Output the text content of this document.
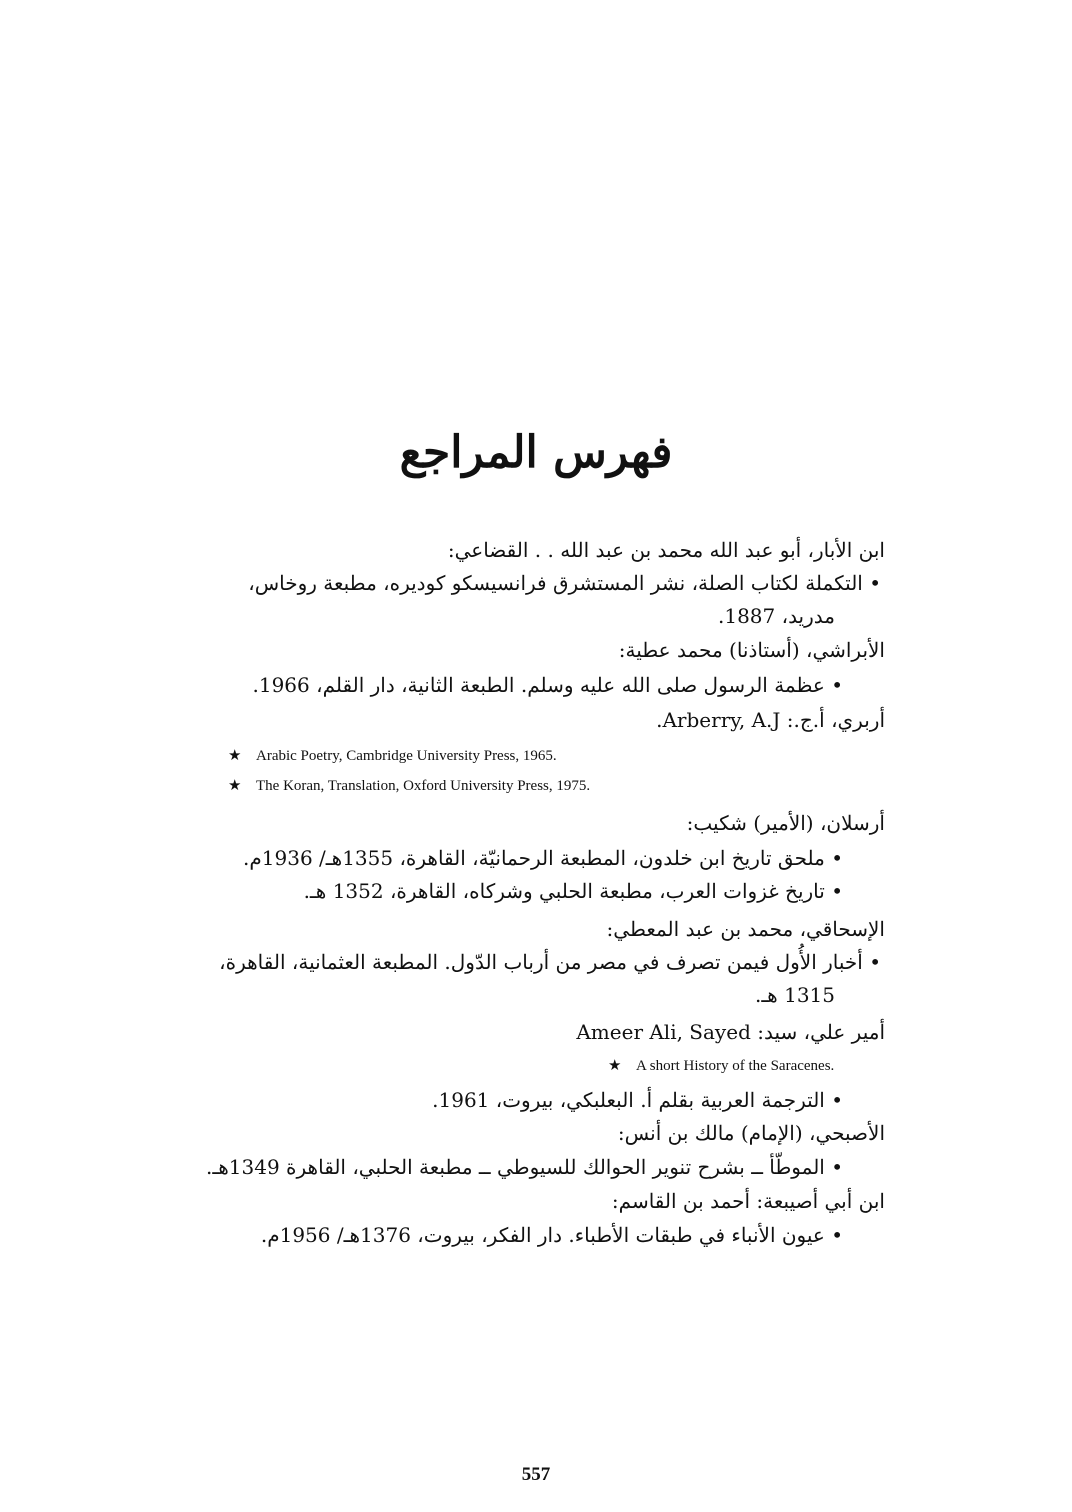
فهرس المراجع
ابن الأبار، أبو عبد الله محمد بن عبد الله . . القضاعي:
• التكملة لكتاب الصلة، نشر المستشرق فرانسيسكو كوديرە، مطبعة روخاس،
مدريد، 1887.
الأبراشي، (أستاذنا) محمد عطية:
• عظمة الرسول صلى الله عليه وسلم. الطبعة الثانية، دار القلم، 1966.
أربري، أ.ج.: Arberry, A.J.
★ Arabic Poetry, Cambridge University Press, 1965.
★ The Koran, Translation, Oxford University Press, 1975.
أرسلان، (الأمير) شكيب:
• ملحق تاريخ ابن خلدون، المطبعة الرحمانيّة، القاهرة، 1355هـ/ 1936م.
• تاريخ غزوات العرب، مطبعة الحلبي وشركاه، القاهرة، 1352 هـ.
الإسحاقي، محمد بن عبد المعطي:
• أخبار الأُول فيمن تصرف في مصر من أرباب الدّول. المطبعة العثمانية، القاهرة،
1315 هـ.
أمير علي، سيد: Ameer Ali, Sayed
★ A short History of the Saracenes.
• الترجمة العربية بقلم أ. البعلبكي، بيروت، 1961.
الأصبحي، (الإمام) مالك بن أنس:
• الموطّأ ــ بشرح تنوير الحوالك للسيوطي ــ مطبعة الحلبي، القاهرة 1349هـ.
ابن أبي أصيبعة: أحمد بن القاسم:
• عيون الأنباء في طبقات الأطباء. دار الفكر، بيروت، 1376هـ/ 1956م.
557
